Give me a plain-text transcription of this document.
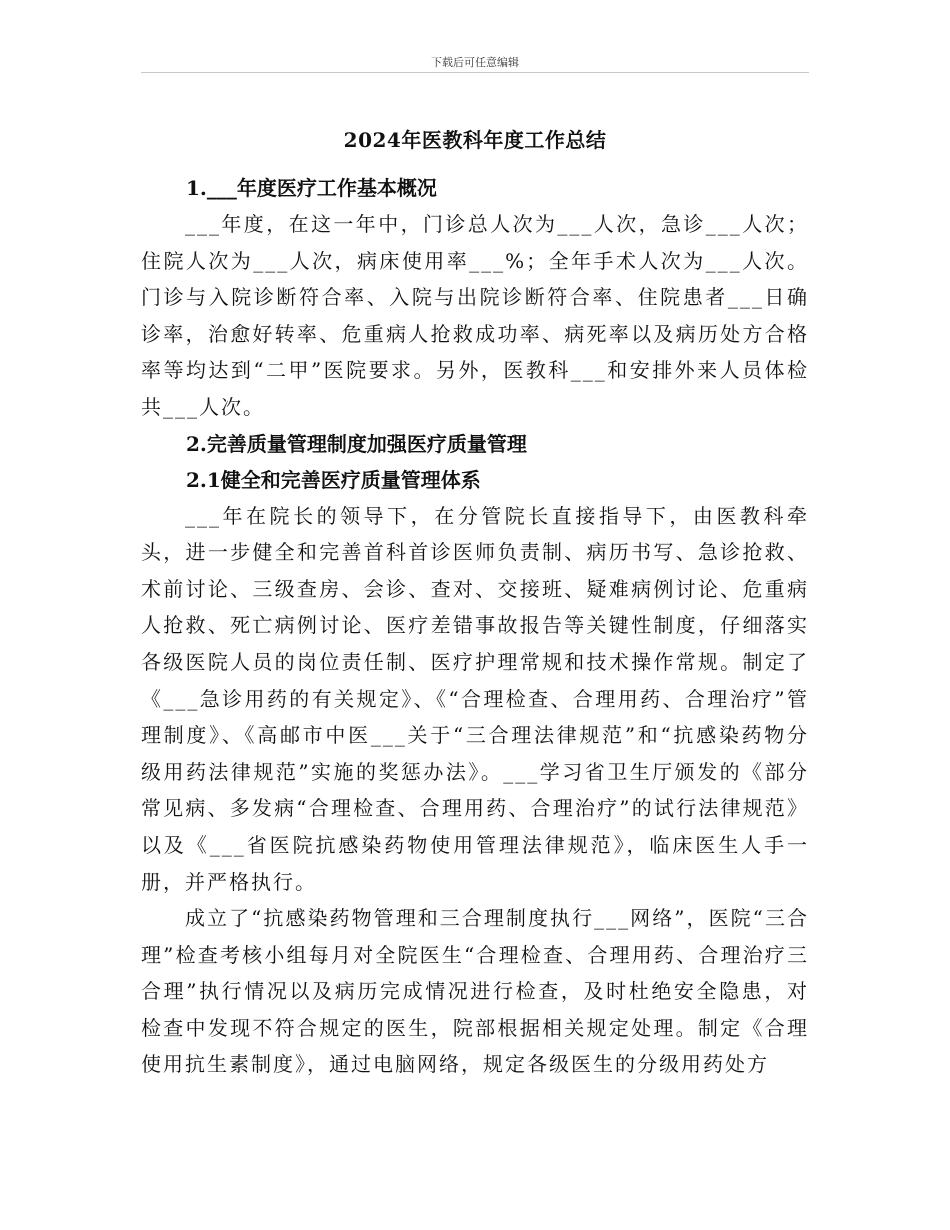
下载后可任意编辑
2024年医教科年度工作总结
1.___年度医疗工作基本概况

___年度，在这一年中，门诊总人次为___人次，急诊___人次；住院人次为___人次，病床使用率___%；全年手术人次为___人次。门诊与入院诊断符合率、入院与出院诊断符合率、住院患者___日确诊率，治愈好转率、危重病人抢救成功率、病死率以及病历处方合格率等均达到“二甲”医院要求。另外，医教科___和安排外来人员体检共___人次。

2.完善质量管理制度加强医疗质量管理
2.1健全和完善医疗质量管理体系

___年在院长的领导下，在分管院长直接指导下，由医教科牵头，进一步健全和完善首科首诊医师负责制、病历书写、急诊抢救、术前讨论、三级查房、会诊、查对、交接班、疑难病例讨论、危重病人抢救、死亡病例讨论、医疗差错事故报告等关键性制度，仔细落实各级医院人员的岗位责任制、医疗护理常规和技术操作常规。制定了《___急诊用药的有关规定》、《“合理检查、合理用药、合理治疗”管理制度》、《高邮市中医___关于“三合理法律规范”和“抗感染药物分级用药法律规范”实施的奖惩办法》。___学习省卫生厅颁发的《部分常见病、多发病“合理检查、合理用药、合理治疗”的试行法律规范》以及《___省医院抗感染药物使用管理法律规范》，临床医生人手一册，并严格执行。

成立了“抗感染药物管理和三合理制度执行___网络”，医院“三合理”检查考核小组每月对全院医生“合理检查、合理用药、合理治疗三合理”执行情况以及病历完成情况进行检查，及时杜绝安全隐患，对检查中发现不符合规定的医生，院部根据相关规定处理。制定《合理使用抗生素制度》，通过电脑网络，规定各级医生的分级用药处方
